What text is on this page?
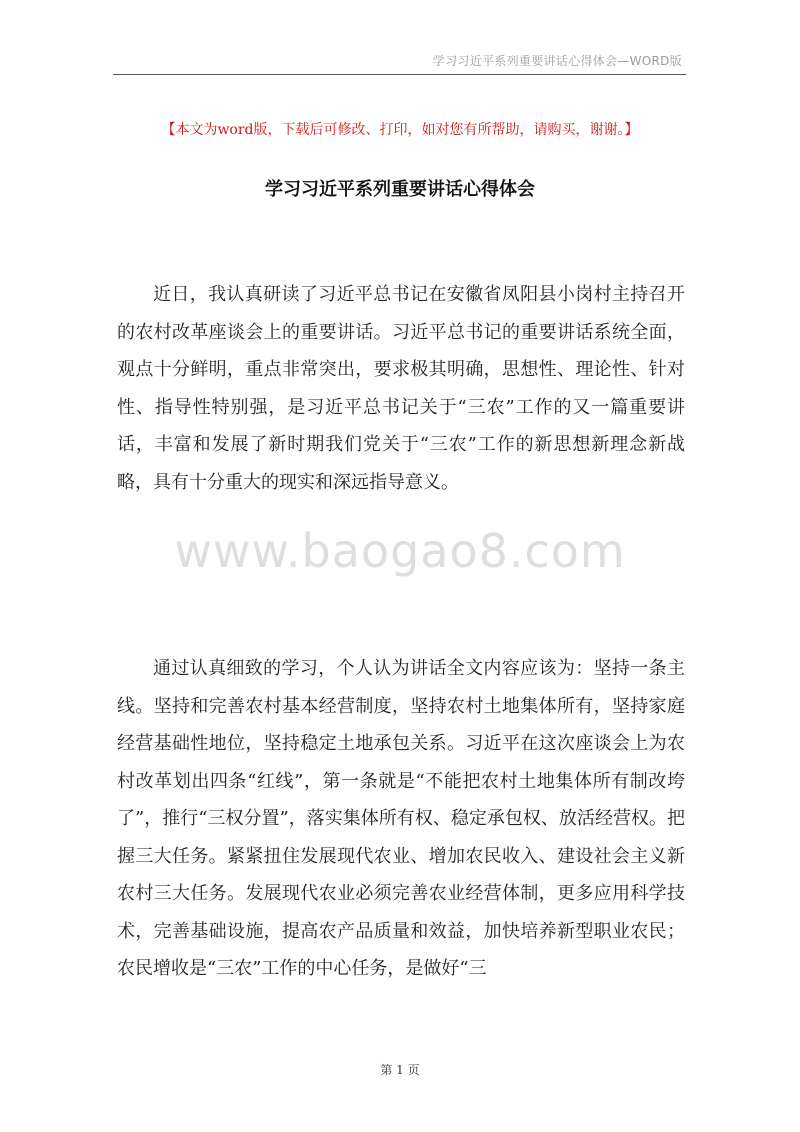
学习习近平系列重要讲话心得体会—WORD版
【本文为word版，下载后可修改、打印，如对您有所帮助，请购买，谢谢。】
学习习近平系列重要讲话心得体会

近日，我认真研读了习近平总书记在安徽省凤阳县小岗村主持召开的农村改革座谈会上的重要讲话。习近平总书记的重要讲话系统全面，观点十分鲜明，重点非常突出，要求极其明确，思想性、理论性、针对性、指导性特别强，是习近平总书记关于“三农”工作的又一篇重要讲话，丰富和发展了新时期我们党关于“三农”工作的新思想新理念新战略，具有十分重大的现实和深远指导意义。

www.baogao8.com

通过认真细致的学习，个人认为讲话全文内容应该为：坚持一条主线。坚持和完善农村基本经营制度，坚持农村土地集体所有，坚持家庭经营基础性地位，坚持稳定土地承包关系。习近平在这次座谈会上为农村改革划出四条“红线”，第一条就是“不能把农村土地集体所有制改垮了”，推行“三权分置”，落实集体所有权、稳定承包权、放活经营权。把握三大任务。紧紧扭住发展现代农业、增加农民收入、建设社会主义新农村三大任务。发展现代农业必须完善农业经营体制，更多应用科学技术，完善基础设施，提高农产品质量和效益，加快培养新型职业农民；农民增收是“三农”工作的中心任务，是做好“三

第 1 页
